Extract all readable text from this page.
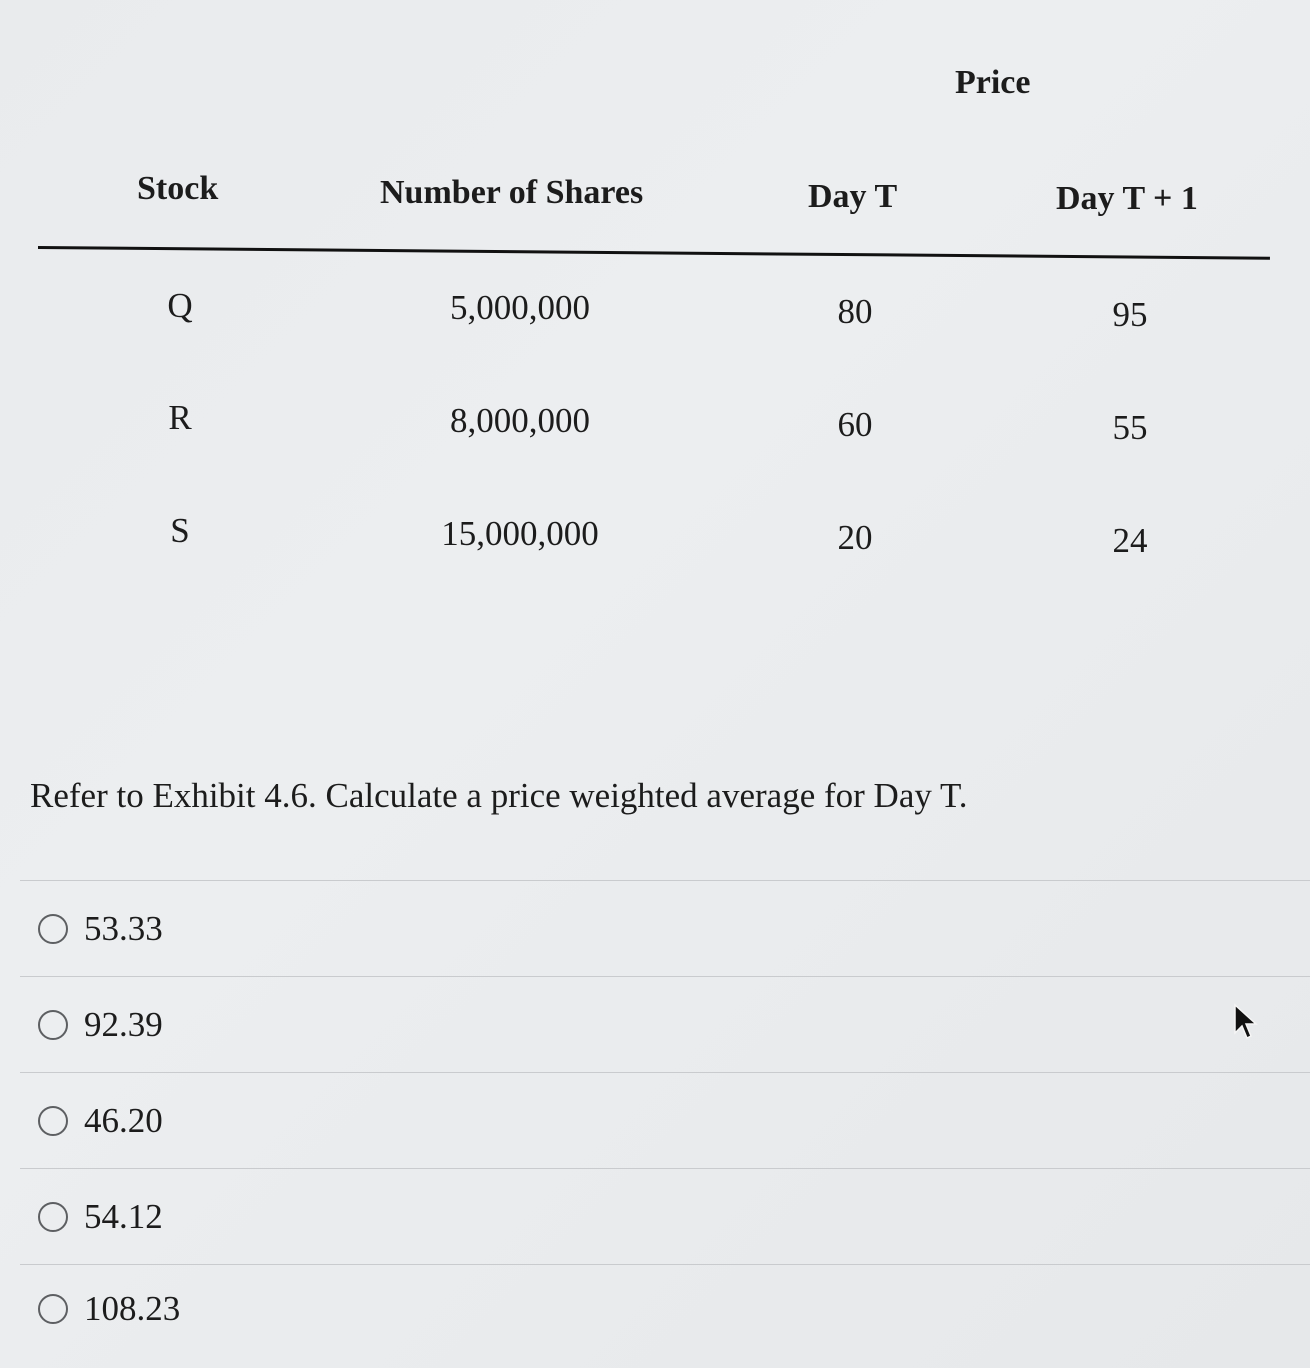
Price
Stock	Number of Shares	Day T	Day T + 1
Q	5,000,000	80	95
R	8,000,000	60	55
S	15,000,000	20	24
Refer to Exhibit 4.6. Calculate a price weighted average for Day T.
53.33
92.39
46.20
54.12
108.23
